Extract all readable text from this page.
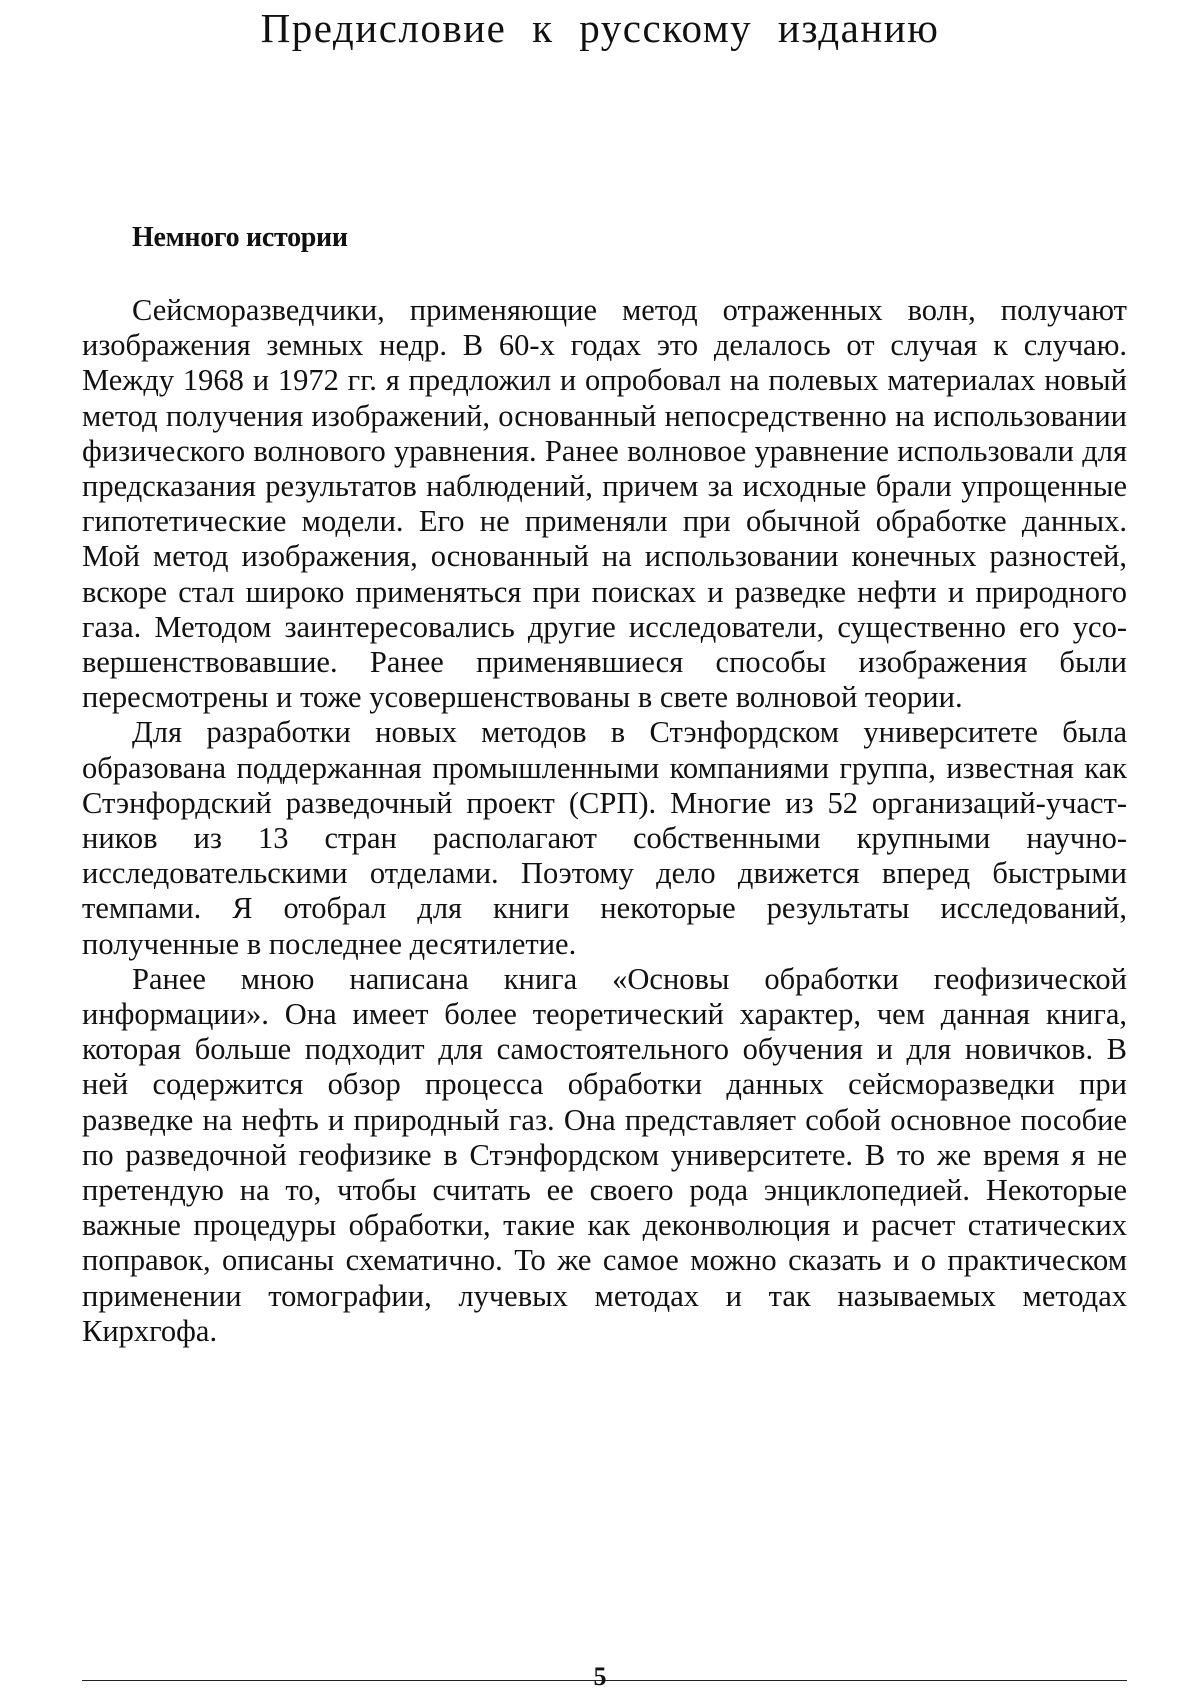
Предисловие к русскому изданию
Немного истории

Сейсморазведчики, применяющие метод отраженных волн, получают изображения земных недр. В 60-х годах это делалось от случая к случаю. Между 1968 и 1972 гг. я предложил и опробовал на полевых материалах новый метод получения изображений, основанный непосредственно на использовании физического волнового уравнения. Ранее волновое уравнение использовали для предсказания результатов наблюдений, причем за исходные брали упрощенные гипотетические модели. Его не применяли при обычной обработке данных. Мой метод изображения, основанный на использовании конечных разностей, вскоре стал широко применяться при поисках и разведке нефти и природного газа. Методом заинтересовались другие исследователи, существенно его усовершенствовавшие. Ранее применявшиеся способы изображения были пересмотрены и тоже усовершенствованы в свете волновой теории.

Для разработки новых методов в Стэнфордском университете была образована поддержанная промышленными компаниями группа, известная как Стэнфордский разведочный проект (СРП). Многие из 52 организаций-участников из 13 стран располагают собственными крупными научно-исследовательскими отделами. Поэтому дело движется вперед быстрыми темпами. Я отобрал для книги некоторые результаты исследований, полученные в последнее десятилетие.

Ранее мною написана книга «Основы обработки геофизической информации». Она имеет более теоретический характер, чем данная книга, которая больше подходит для самостоятельного обучения и для новичков. В ней содержится обзор процесса обработки данных сейсморазведки при разведке на нефть и природный газ. Она представляет собой основное пособие по разведочной геофизике в Стэнфордском университете. В то же время я не претендую на то, чтобы считать ее своего рода энциклопедией. Некоторые важные процедуры обработки, такие как деконволюция и расчет статических поправок, описаны схематично. То же самое можно сказать и о практическом применении томографии, лучевых методах и так называемых методах Кирхгофа.

5
